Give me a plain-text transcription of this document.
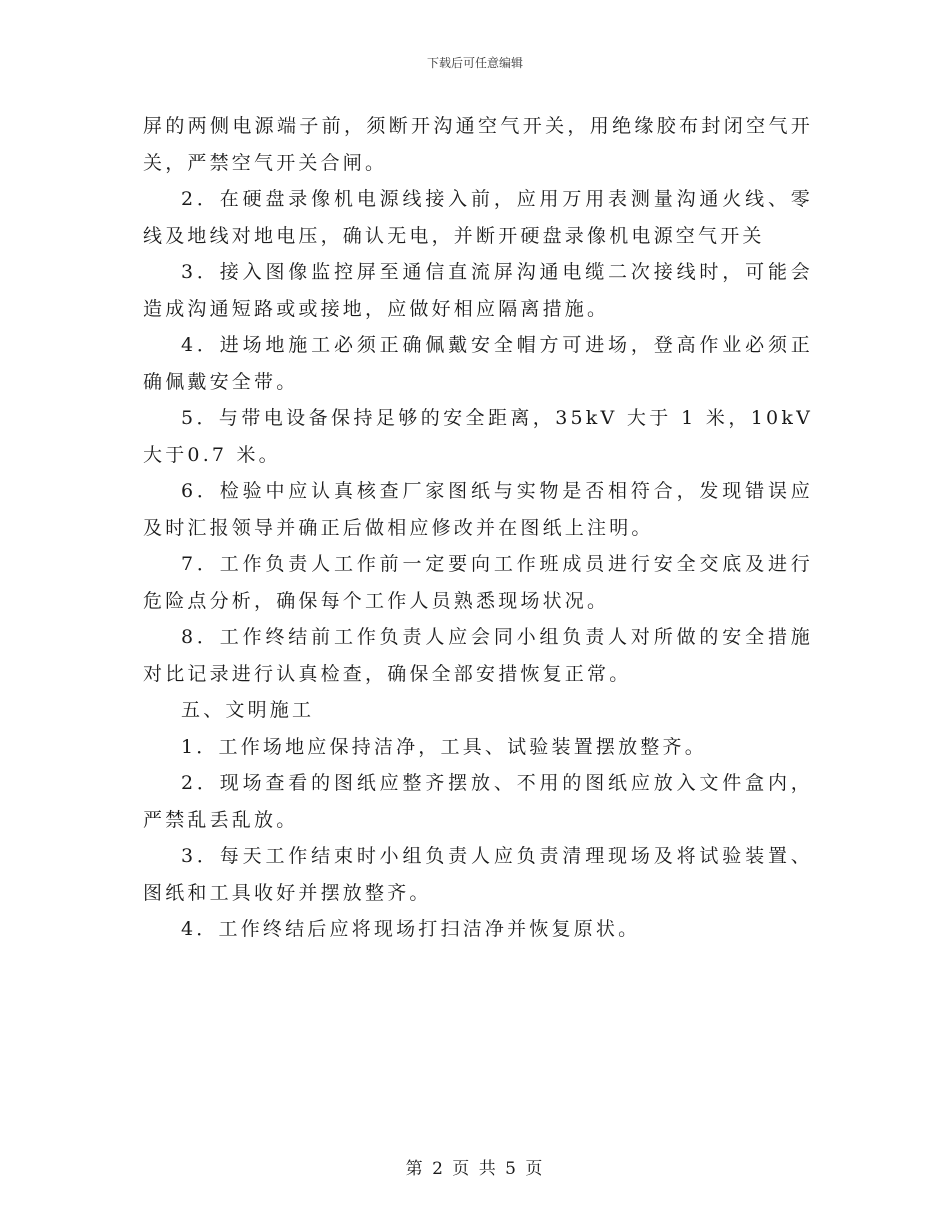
下载后可任意编辑

屏的两侧电源端子前，须断开沟通空气开关，用绝缘胶布封闭空气开关，严禁空气开关合闸。

2．在硬盘录像机电源线接入前，应用万用表测量沟通火线、零线及地线对地电压，确认无电，并断开硬盘录像机电源空气开关

3．接入图像监控屏至通信直流屏沟通电缆二次接线时，可能会造成沟通短路或或接地，应做好相应隔离措施。

4．进场地施工必须正确佩戴安全帽方可进场，登高作业必须正确佩戴安全带。

5．与带电设备保持足够的安全距离，35kV 大于 1 米，10kV 大于0.7 米。

6．检验中应认真核查厂家图纸与实物是否相符合，发现错误应及时汇报领导并确正后做相应修改并在图纸上注明。

7．工作负责人工作前一定要向工作班成员进行安全交底及进行危险点分析，确保每个工作人员熟悉现场状况。

8．工作终结前工作负责人应会同小组负责人对所做的安全措施对比记录进行认真检查，确保全部安措恢复正常。

五、文明施工

1．工作场地应保持洁净，工具、试验装置摆放整齐。

2．现场查看的图纸应整齐摆放、不用的图纸应放入文件盒内，严禁乱丢乱放。

3．每天工作结束时小组负责人应负责清理现场及将试验装置、图纸和工具收好并摆放整齐。

4．工作终结后应将现场打扫洁净并恢复原状。

第 2 页 共 5 页
